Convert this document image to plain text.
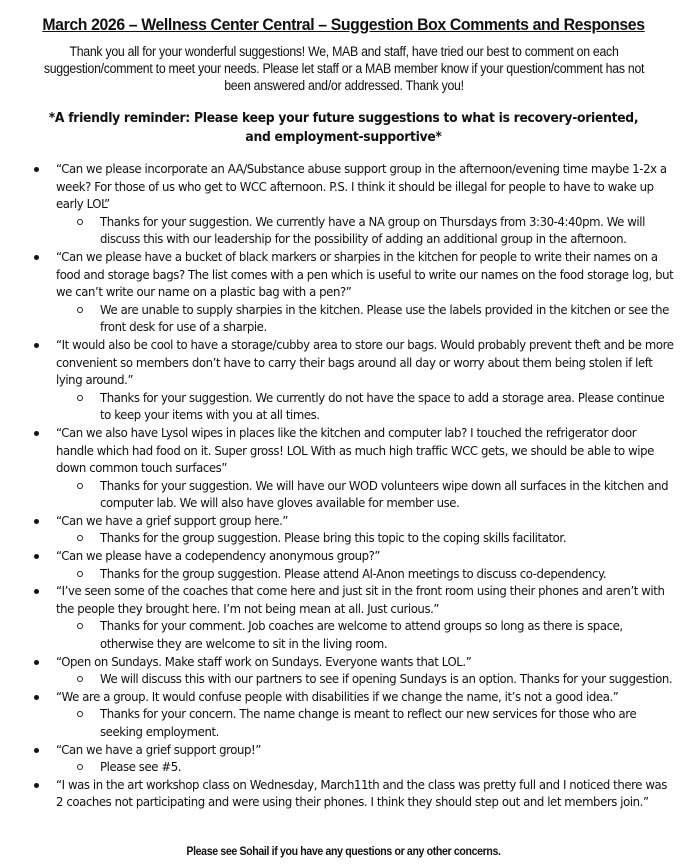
March 2026 – Wellness Center Central – Suggestion Box Comments and Responses
Thank you all for your wonderful suggestions! We, MAB and staff, have tried our best to comment on each suggestion/comment to meet your needs. Please let staff or a MAB member know if your question/comment has not been answered and/or addressed. Thank you!
*A friendly reminder: Please keep your future suggestions to what is recovery-oriented, and employment-supportive*
“Can we please incorporate an AA/Substance abuse support group in the afternoon/evening time maybe 1-2x a week? For those of us who get to WCC afternoon. P.S. I think it should be illegal for people to have to wake up early LOL”
Thanks for your suggestion. We currently have a NA group on Thursdays from 3:30-4:40pm. We will discuss this with our leadership for the possibility of adding an additional group in the afternoon.
“Can we please have a bucket of black markers or sharpies in the kitchen for people to write their names on a food and storage bags? The list comes with a pen which is useful to write our names on the food storage log, but we can’t write our name on a plastic bag with a pen?”
We are unable to supply sharpies in the kitchen. Please use the labels provided in the kitchen or see the front desk for use of a sharpie.
“It would also be cool to have a storage/cubby area to store our bags. Would probably prevent theft and be more convenient so members don’t have to carry their bags around all day or worry about them being stolen if left lying around.”
Thanks for your suggestion. We currently do not have the space to add a storage area. Please continue to keep your items with you at all times.
“Can we also have Lysol wipes in places like the kitchen and computer lab? I touched the refrigerator door handle which had food on it. Super gross! LOL With as much high traffic WCC gets, we should be able to wipe down common touch surfaces”
Thanks for your suggestion. We will have our WOD volunteers wipe down all surfaces in the kitchen and computer lab. We will also have gloves available for member use.
“Can we have a grief support group here.”
Thanks for the group suggestion. Please bring this topic to the coping skills facilitator.
“Can we please have a codependency anonymous group?”
Thanks for the group suggestion. Please attend Al-Anon meetings to discuss co-dependency.
“I’ve seen some of the coaches that come here and just sit in the front room using their phones and aren’t with the people they brought here. I’m not being mean at all. Just curious.”
Thanks for your comment. Job coaches are welcome to attend groups so long as there is space, otherwise they are welcome to sit in the living room.
“Open on Sundays. Make staff work on Sundays. Everyone wants that LOL.”
We will discuss this with our partners to see if opening Sundays is an option. Thanks for your suggestion.
“We are a group. It would confuse people with disabilities if we change the name, it’s not a good idea.”
Thanks for your concern. The name change is meant to reflect our new services for those who are seeking employment.
“Can we have a grief support group!”
Please see #5.
“I was in the art workshop class on Wednesday, March11th and the class was pretty full and I noticed there was 2 coaches not participating and were using their phones. I think they should step out and let members join.”
Please see Sohail if you have any questions or any other concerns.
